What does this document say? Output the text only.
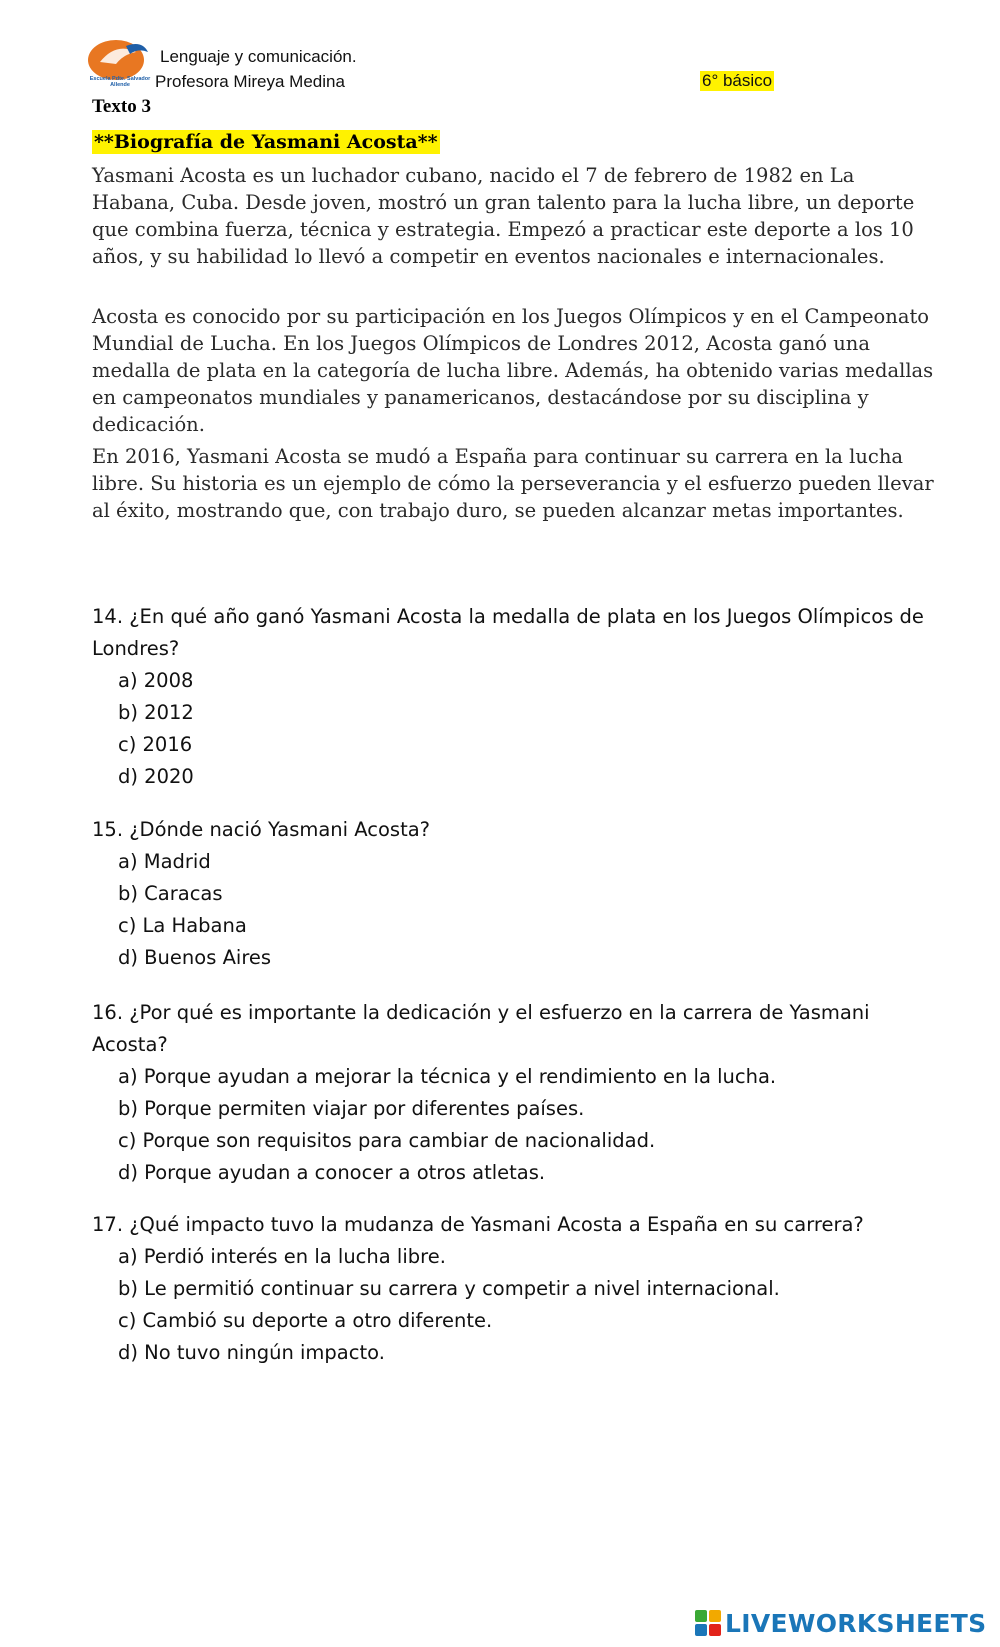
Escuela Pdte. Salvador Allende
Lenguaje y comunicación.
Profesora Mireya Medina	6° básico
Texto 3
**Biografía de Yasmani Acosta**

Yasmani Acosta es un luchador cubano, nacido el 7 de febrero de 1982 en La Habana, Cuba. Desde joven, mostró un gran talento para la lucha libre, un deporte que combina fuerza, técnica y estrategia. Empezó a practicar este deporte a los 10 años, y su habilidad lo llevó a competir en eventos nacionales e internacionales.

Acosta es conocido por su participación en los Juegos Olímpicos y en el Campeonato Mundial de Lucha. En los Juegos Olímpicos de Londres 2012, Acosta ganó una medalla de plata en la categoría de lucha libre. Además, ha obtenido varias medallas en campeonatos mundiales y panamericanos, destacándose por su disciplina y dedicación.

En 2016, Yasmani Acosta se mudó a España para continuar su carrera en la lucha libre. Su historia es un ejemplo de cómo la perseverancia y el esfuerzo pueden llevar al éxito, mostrando que, con trabajo duro, se pueden alcanzar metas importantes.

14. ¿En qué año ganó Yasmani Acosta la medalla de plata en los Juegos Olímpicos de Londres?
a) 2008
b) 2012
c) 2016
d) 2020
15. ¿Dónde nació Yasmani Acosta?
a) Madrid
b) Caracas
c) La Habana
d) Buenos Aires
16. ¿Por qué es importante la dedicación y el esfuerzo en la carrera de Yasmani Acosta?
a) Porque ayudan a mejorar la técnica y el rendimiento en la lucha.
b) Porque permiten viajar por diferentes países.
c) Porque son requisitos para cambiar de nacionalidad.
d) Porque ayudan a conocer a otros atletas.
17. ¿Qué impacto tuvo la mudanza de Yasmani Acosta a España en su carrera?
a) Perdió interés en la lucha libre.
b) Le permitió continuar su carrera y competir a nivel internacional.
c) Cambió su deporte a otro diferente.
d) No tuvo ningún impacto.
LIVEWORKSHEETS
